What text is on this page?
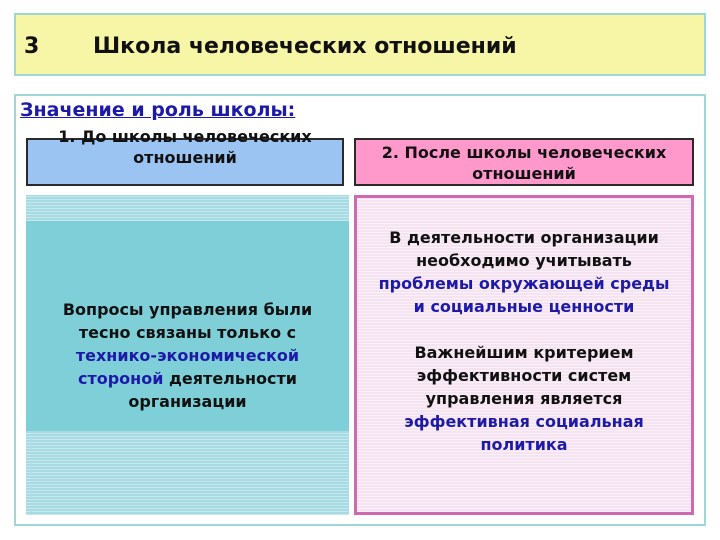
3 Школа человеческих отношений
Значение и роль школы:
1. До школы человеческих отношений	2. После школы человеческих отношений
Вопросы управления были тесно связаны только с технико-экономической стороной деятельности организации
В деятельности организации необходимо учитывать проблемы окружающей среды и социальные ценности
Важнейшим критерием эффективности систем управления является эффективная социальная политика
